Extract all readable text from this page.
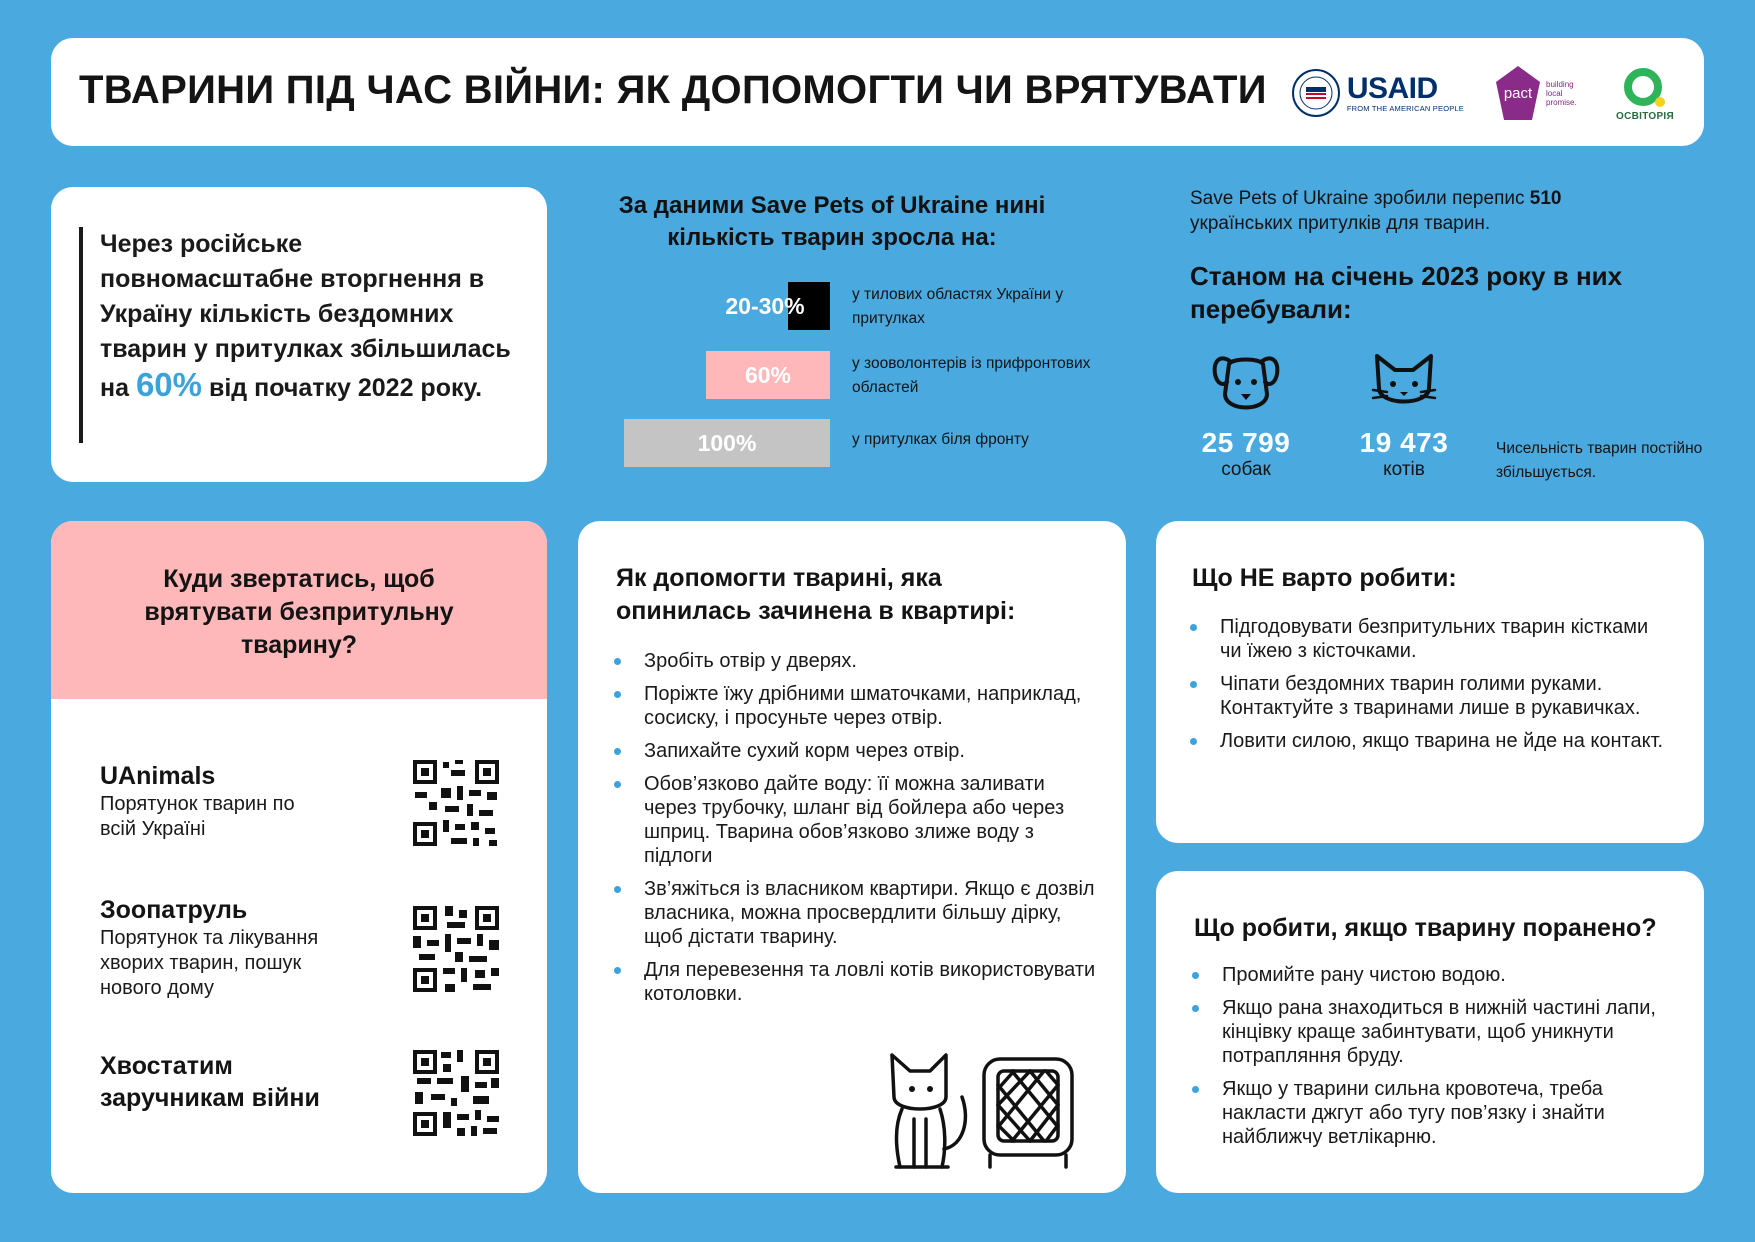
ТВАРИНИ ПІД ЧАС ВІЙНИ: ЯК ДОПОМОГТИ ЧИ ВРЯТУВАТИ	USAID
FROM THE AMERICAN PEOPLE
pact
building local promise.
ОСВІТОРІЯ
Через російське повномасштабне вторгнення в Україну кількість бездомних тварин у притулках збільшилась на 60% від початку 2022 року.
За даними Save Pets of Ukraine нині кількість тварин зросла на:
20-30%	у тилових областях України у притулках
60%	у зооволонтерів із прифронтових областей
100%	у притулках біля фронту
Save Pets of Ukraine зробили перепис 510 українських притулків для тварин.
Станом на січень 2023 року в них перебували:
25 799
собак
19 473
котів
Чисельність тварин постійно збільшується.
Куди звертатись, щоб врятувати безпритульну тварину?
UAnimals
Порятунок тварин по всій Україні
Зоопатруль
Порятунок та лікування хворих тварин, пошук нового дому
Хвостатим заручникам війни
Як допомогти тварині, яка опинилась зачинена в квартирі:
Зробіть отвір у дверях.
Поріжте їжу дрібними шматочками, наприклад, сосиску, і просуньте через отвір.
Запихайте сухий корм через отвір.
Обов’язково дайте воду: її можна заливати через трубочку, шланг від бойлера або через шприц. Тварина обов’язково злиже воду з підлоги
Зв’яжіться із власником квартири. Якщо є дозвіл власника, можна просвердлити більшу дірку, щоб дістати тварину.
Для перевезення та ловлі котів використовувати котоловки.
Що НЕ варто робити:
Підгодовувати безпритульних тварин кістками чи їжею з кісточками.
Чіпати бездомних тварин голими руками. Контактуйте з тваринами лише в рукавичках.
Ловити силою, якщо тварина не йде на контакт.
Що робити, якщо тварину поранено?
Промийте рану чистою водою.
Якщо рана знаходиться в нижній частині лапи, кінцівку краще забинтувати, щоб уникнути потрапляння бруду.
Якщо у тварини сильна кровотеча, треба накласти джгут або тугу пов’язку і знайти найближчу ветлікарню.
